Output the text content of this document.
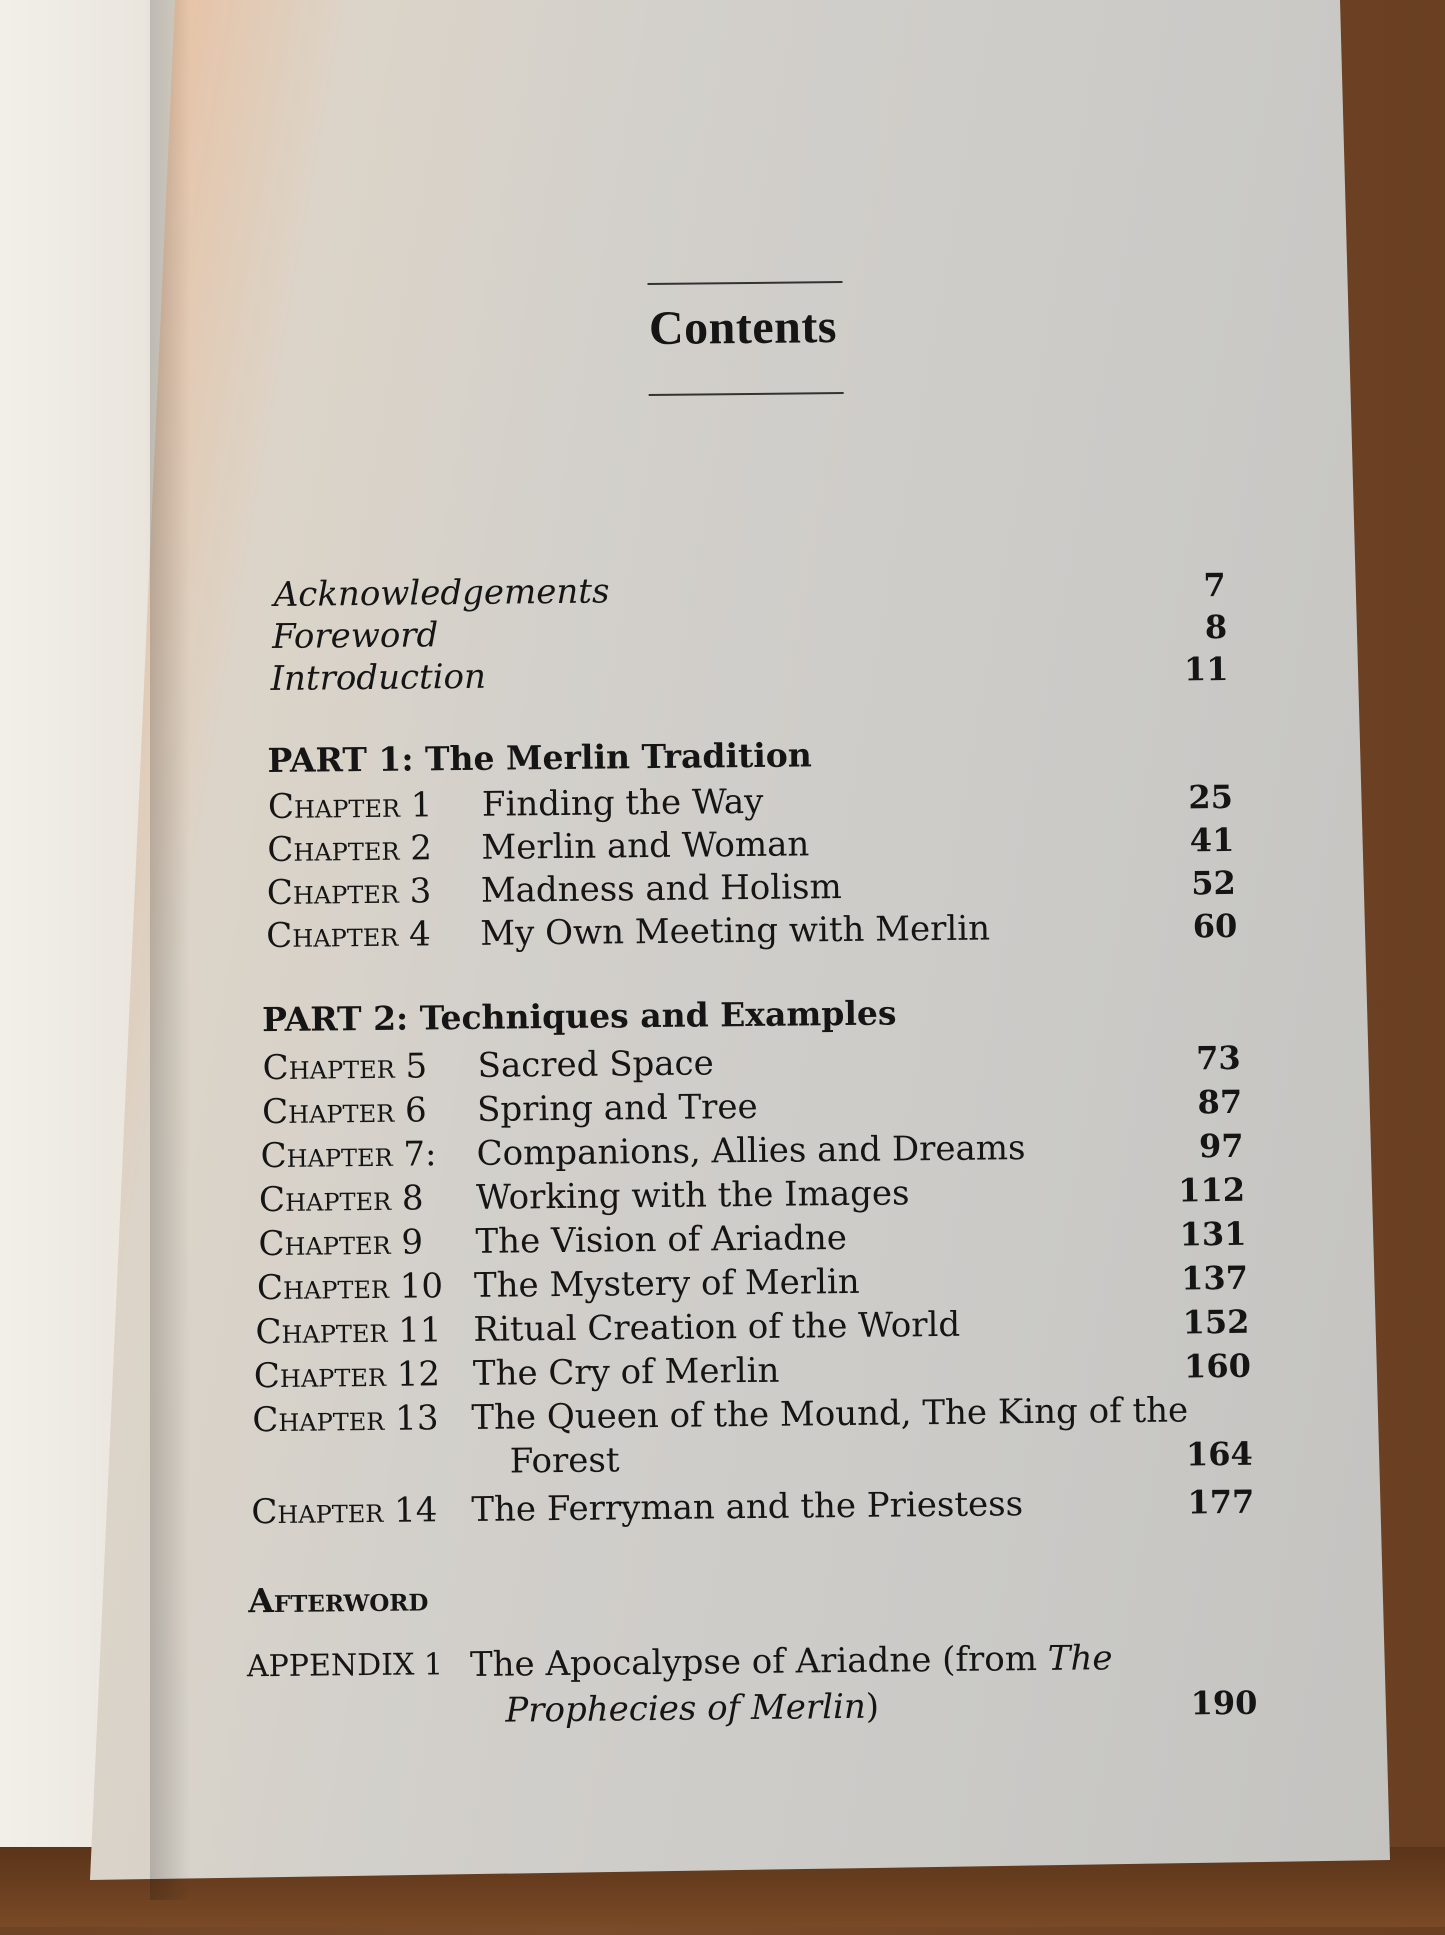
Contents
Acknowledgements	7
Foreword	8
Introduction	11
PART 1: The Merlin Tradition
Chapter 1 Finding the Way	25
Chapter 2 Merlin and Woman	41
Chapter 3 Madness and Holism	52
Chapter 4 My Own Meeting with Merlin	60
PART 2: Techniques and Examples
Chapter 5 Sacred Space	73
Chapter 6 Spring and Tree	87
Chapter 7: Companions, Allies and Dreams	97
Chapter 8 Working with the Images	112
Chapter 9 The Vision of Ariadne	131
Chapter 10 The Mystery of Merlin	137
Chapter 11 Ritual Creation of the World	152
Chapter 12 The Cry of Merlin	160
Chapter 13 The Queen of the Mound, The King of the
Forest	164
Chapter 14 The Ferryman and the Priestess	177
Afterword
APPENDIX 1 The Apocalypse of Ariadne (from The
Prophecies of Merlin)	190
